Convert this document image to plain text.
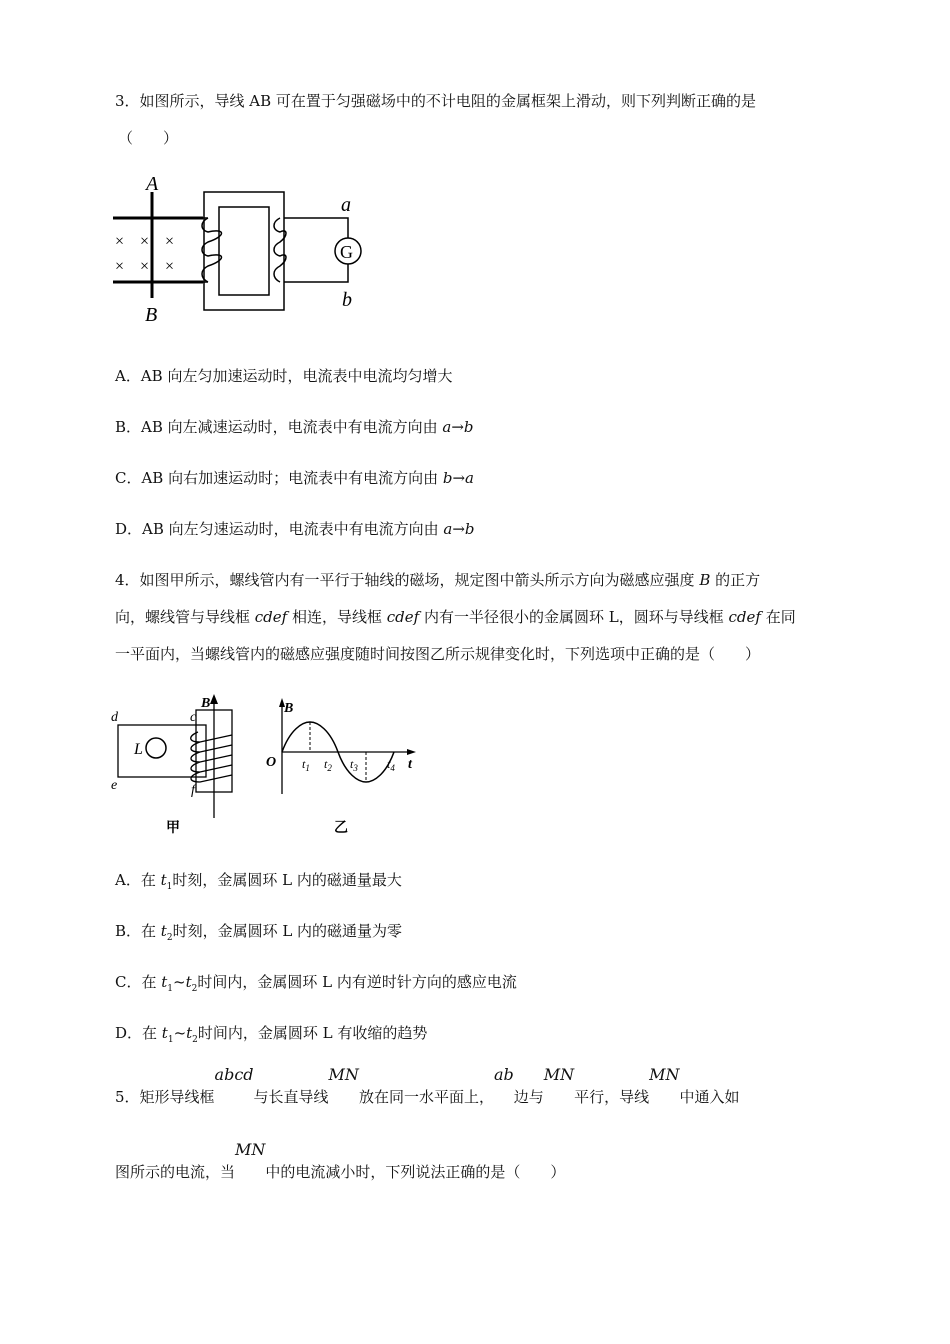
3．如图所示，导线 AB 可在置于匀强磁场中的不计电阻的金属框架上滑动，则下列判断正确的是
（　　）
A
B
× × ×
× × ×
G
a
b
A．AB 向左匀加速运动时，电流表中电流均匀增大
B．AB 向左减速运动时，电流表中有电流方向由 a→b
C．AB 向右加速运动时；电流表中有电流方向由 b→a
D．AB 向左匀速运动时，电流表中有电流方向由 a→b
4．如图甲所示，螺线管内有一平行于轴线的磁场，规定图中箭头所示方向为磁感应强度 B 的正方
向，螺线管与导线框 cdef 相连，导线框 cdef 内有一半径很小的金属圆环 L，圆环与导线框 cdef 在同
一平面内，当螺线管内的磁感应强度随时间按图乙所示规律变化时，下列选项中正确的是（　　）
L
d	c
e	f
B
甲
B
O	t
$t_1$ $t_2$ $t_3$ $t_4$
乙
A．在 $t_1$时刻，金属圆环 L 内的磁通量最大
B．在 $t_2$时刻，金属圆环 L 内的磁通量为零
C．在 $t_1\sim t_2$时间内，金属圆环 L 内有逆时针方向的感应电流
D．在 $t_1\sim t_2$时间内，金属圆环 L 有收缩的趋势
5．矩形导线框abcd与长直导线MN放在同一水平面上，ab边与MN平行，导线MN中通入如
图所示的电流，当MN中的电流减小时，下列说法正确的是（　　）
